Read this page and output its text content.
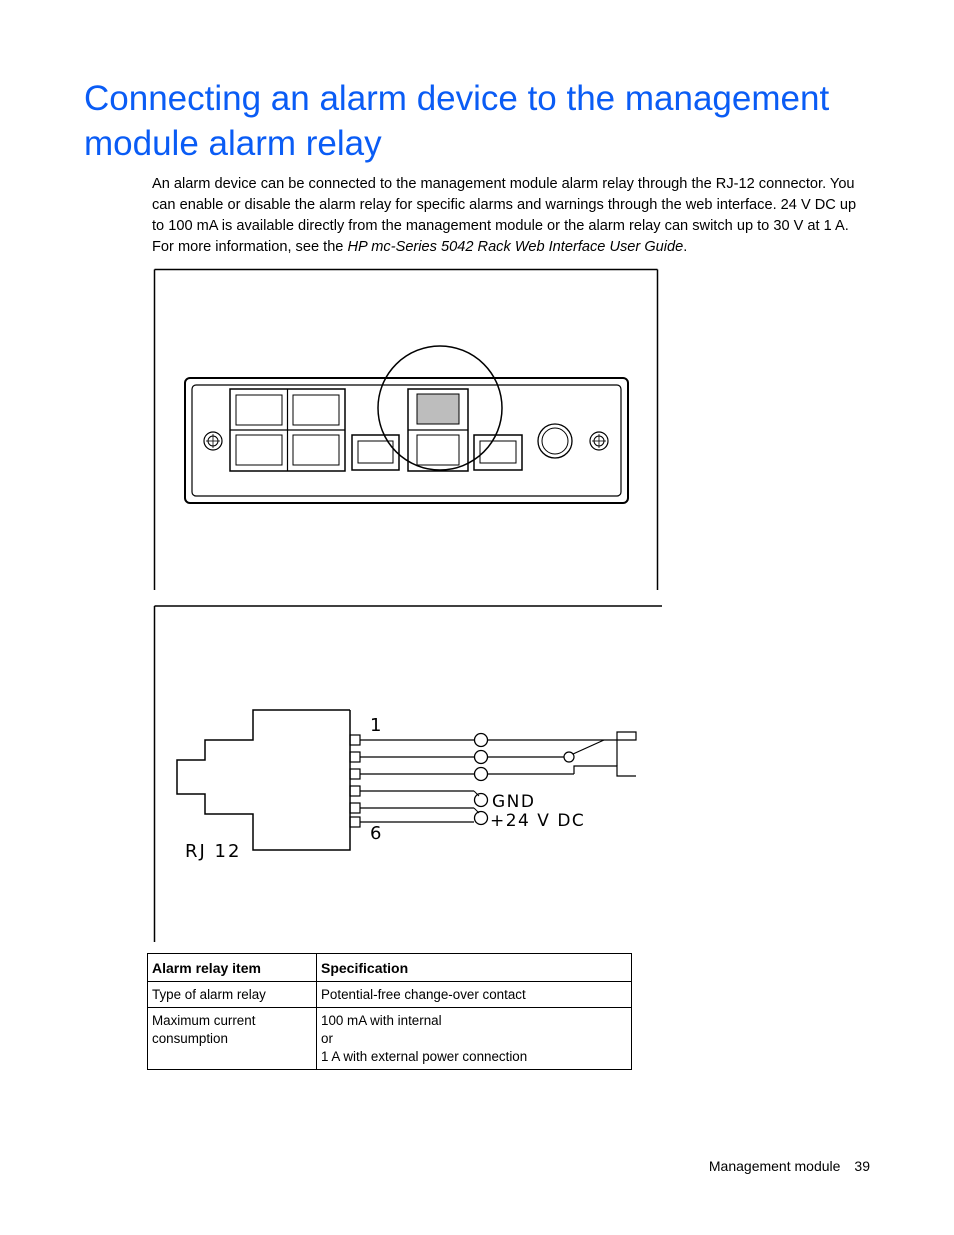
Connecting an alarm device to the management
module alarm relay

An alarm device can be connected to the management module alarm relay through the RJ-12 connector. You can enable or disable the alarm relay for specific alarms and warnings through the web interface. 24 V DC up to 100 mA is available directly from the management module or the alarm relay can switch up to 30 V at 1 A. For more information, see the HP mc-Series 5042 Rack Web Interface User Guide.

1
6
GND
+24 V DC
RJ 12
Alarm relay item	Specification
Type of alarm relay	Potential-free change-over contact

Maximum current consumption	100 mA with internal
or
1 A with external power connection
Management module 39
